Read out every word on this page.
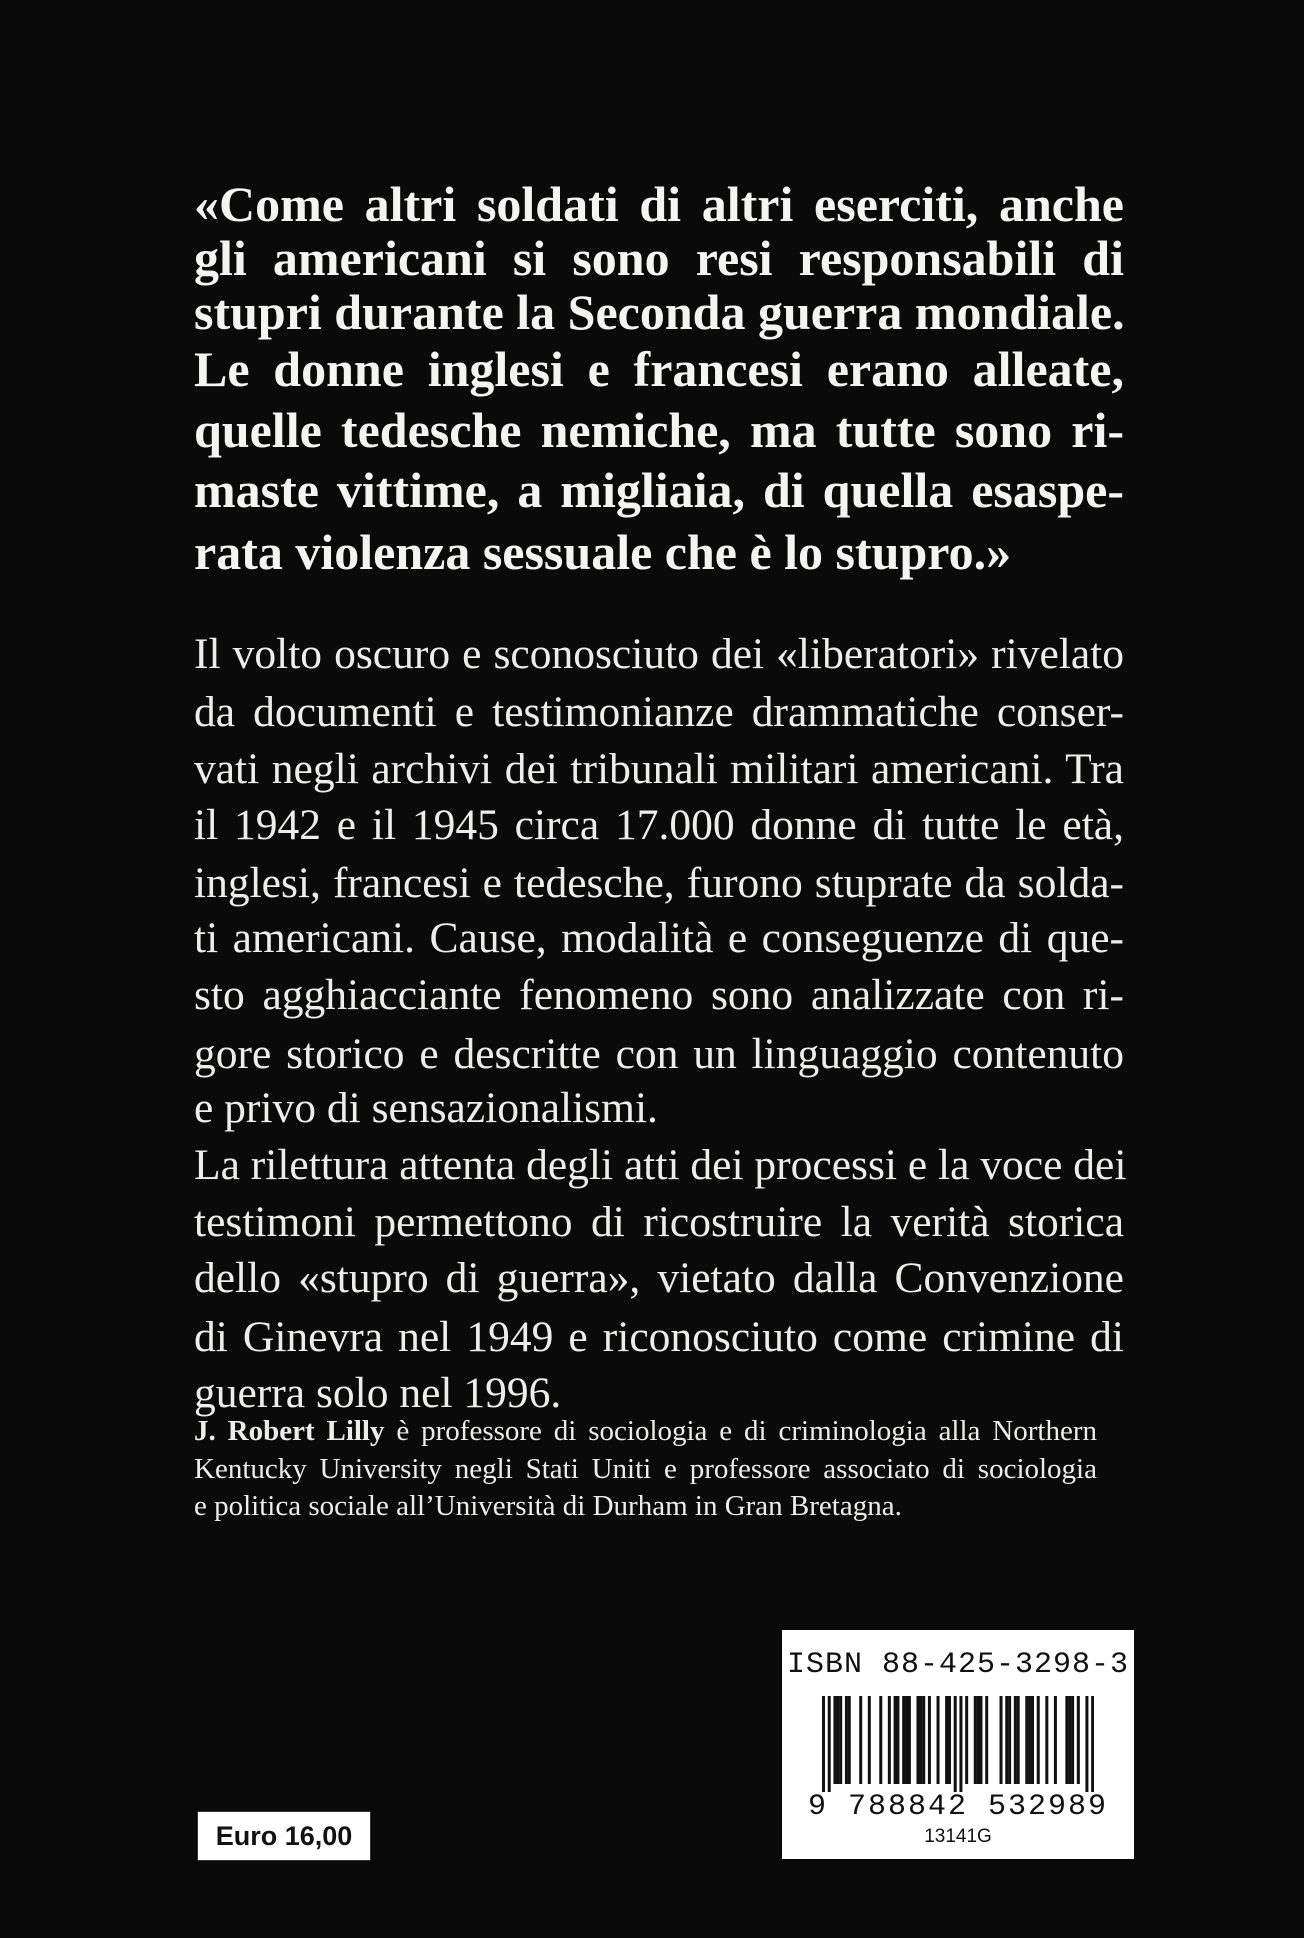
«Come altri soldati di altri eserciti, anche

gli americani si sono resi responsabili di

stupri durante la Seconda guerra mondiale.

Le donne inglesi e francesi erano alleate,

quelle tedesche nemiche, ma tutte sono ri-

maste vittime, a migliaia, di quella esaspe-

rata violenza sessuale che è lo stupro.»

Il volto oscuro e sconosciuto dei «liberatori» rivelato

da documenti e testimonianze drammatiche conser-

vati negli archivi dei tribunali militari americani. Tra

il 1942 e il 1945 circa 17.000 donne di tutte le età,

inglesi, francesi e tedesche, furono stuprate da solda-

ti americani. Cause, modalità e conseguenze di que-

sto agghiacciante fenomeno sono analizzate con ri-

gore storico e descritte con un linguaggio contenuto

e privo di sensazionalismi.

La rilettura attenta degli atti dei processi e la voce dei

testimoni permettono di ricostruire la verità storica

dello «stupro di guerra», vietato dalla Convenzione

di Ginevra nel 1949 e riconosciuto come crimine di

guerra solo nel 1996.

J. Robert Lilly è professore di sociologia e di criminologia alla Northern

Kentucky University negli Stati Uniti e professore associato di sociologia

e politica sociale all’Università di Durham in Gran Bretagna.

Euro 16,00
ISBN 88-425-3298-3
9 788842 532989
13141G
